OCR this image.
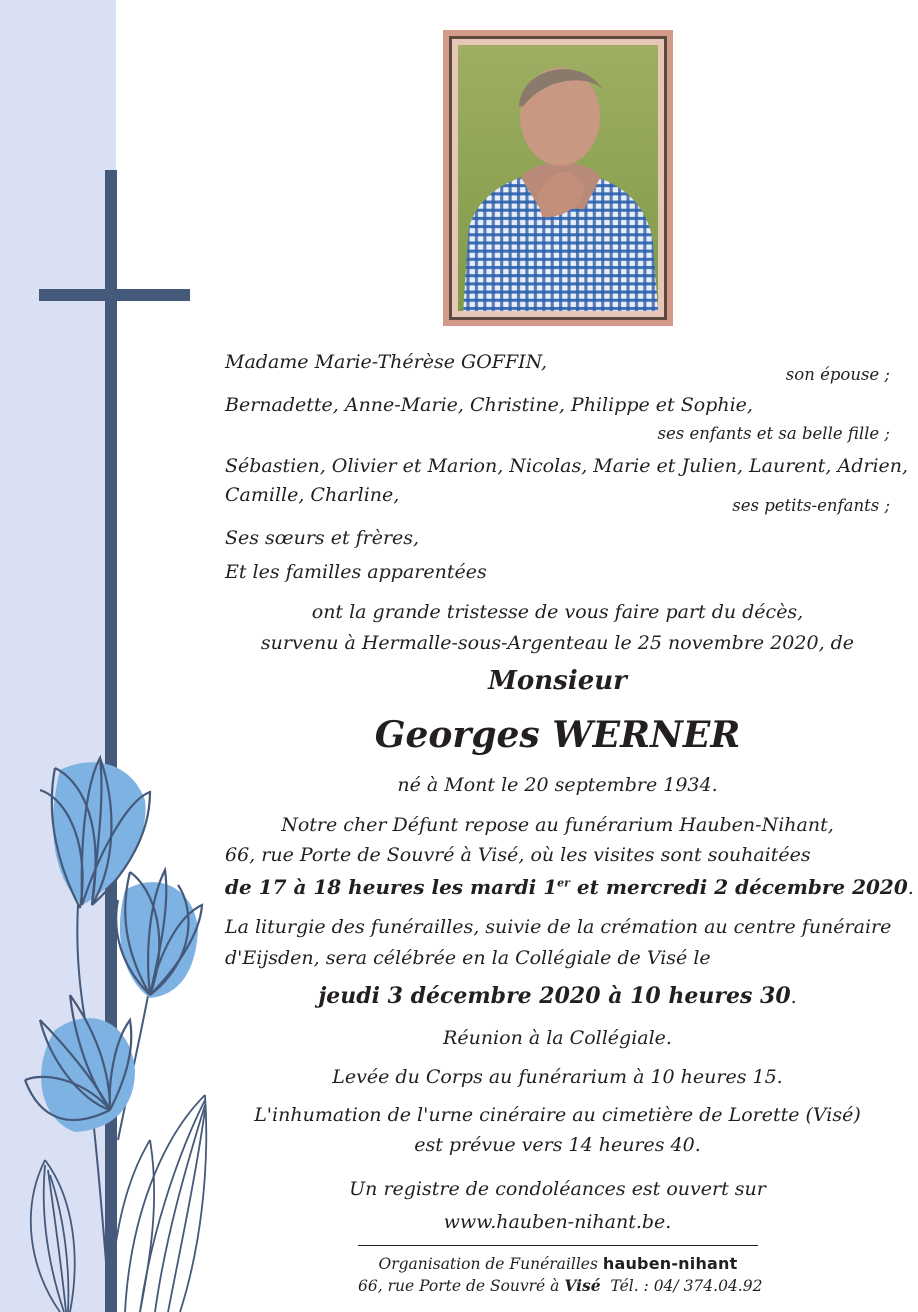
Madame Marie-Thérèse GOFFIN,
son épouse ;
Bernadette, Anne-Marie, Christine, Philippe et Sophie,
ses enfants et sa belle fille ;
Sébastien, Olivier et Marion, Nicolas, Marie et Julien, Laurent, Adrien,
Camille, Charline,	ses petits-enfants ;
Ses sœurs et frères,
Et les familles apparentées
ont la grande tristesse de vous faire part du décès,
survenu à Hermalle-sous-Argenteau le 25 novembre 2020, de
Monsieur
Georges WERNER
né à Mont le 20 septembre 1934.
Notre cher Défunt repose au funérarium Hauben-Nihant,
66, rue Porte de Souvré à Visé, où les visites sont souhaitées
de 17 à 18 heures les mardi 1er et mercredi 2 décembre 2020.
La liturgie des funérailles, suivie de la crémation au centre funéraire
d'Eijsden, sera célébrée en la Collégiale de Visé le
jeudi 3 décembre 2020 à 10 heures 30.
Réunion à la Collégiale.
Levée du Corps au funérarium à 10 heures 15.
L'inhumation de l'urne cinéraire au cimetière de Lorette (Visé)
est prévue vers 14 heures 40.
Un registre de condoléances est ouvert sur
www.hauben-nihant.be.
Organisation de Funérailles hauben-nihant
66, rue Porte de Souvré à Visé  Tél. : 04/ 374.04.92
